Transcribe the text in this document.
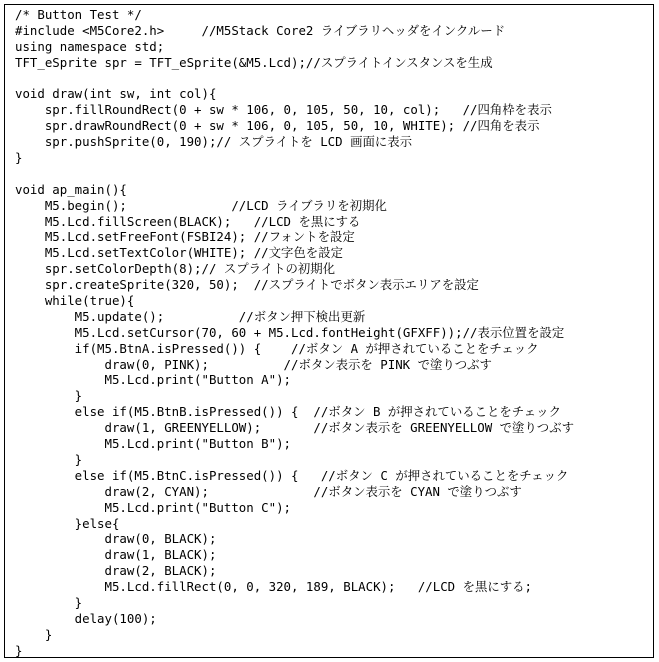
/* Button Test */
#include <M5Core2.h>     //M5Stack Core2 ライブラリヘッダをインクルード
using namespace std;
TFT_eSprite spr = TFT_eSprite(&M5.Lcd);//スプライトインスタンスを生成
void draw(int sw, int col){
spr.fillRoundRect(0 + sw * 106, 0, 105, 50, 10, col);   //四角枠を表示
spr.drawRoundRect(0 + sw * 106, 0, 105, 50, 10, WHITE); //四角を表示
spr.pushSprite(0, 190);// スプライトを LCD 画面に表示
}
void ap_main(){
M5.begin();              //LCD ライブラリを初期化
M5.Lcd.fillScreen(BLACK);   //LCD を黒にする
M5.Lcd.setFreeFont(FSBI24); //フォントを設定
M5.Lcd.setTextColor(WHITE); //文字色を設定
spr.setColorDepth(8);// スプライトの初期化
spr.createSprite(320, 50);  //スプライトでボタン表示エリアを設定
while(true){
M5.update();          //ボタン押下検出更新
M5.Lcd.setCursor(70, 60 + M5.Lcd.fontHeight(GFXFF));//表示位置を設定
if(M5.BtnA.isPressed()) {    //ボタン A が押されていることをチェック
draw(0, PINK);          //ボタン表示を PINK で塗りつぶす
M5.Lcd.print("Button A");
}
else if(M5.BtnB.isPressed()) {  //ボタン B が押されていることをチェック
draw(1, GREENYELLOW);       //ボタン表示を GREENYELLOW で塗りつぶす
M5.Lcd.print("Button B");
}
else if(M5.BtnC.isPressed()) {   //ボタン C が押されていることをチェック
draw(2, CYAN);              //ボタン表示を CYAN で塗りつぶす
M5.Lcd.print("Button C");
}else{
draw(0, BLACK);
draw(1, BLACK);
draw(2, BLACK);
M5.Lcd.fillRect(0, 0, 320, 189, BLACK);   //LCD を黒にする;
}
delay(100);
}
}
